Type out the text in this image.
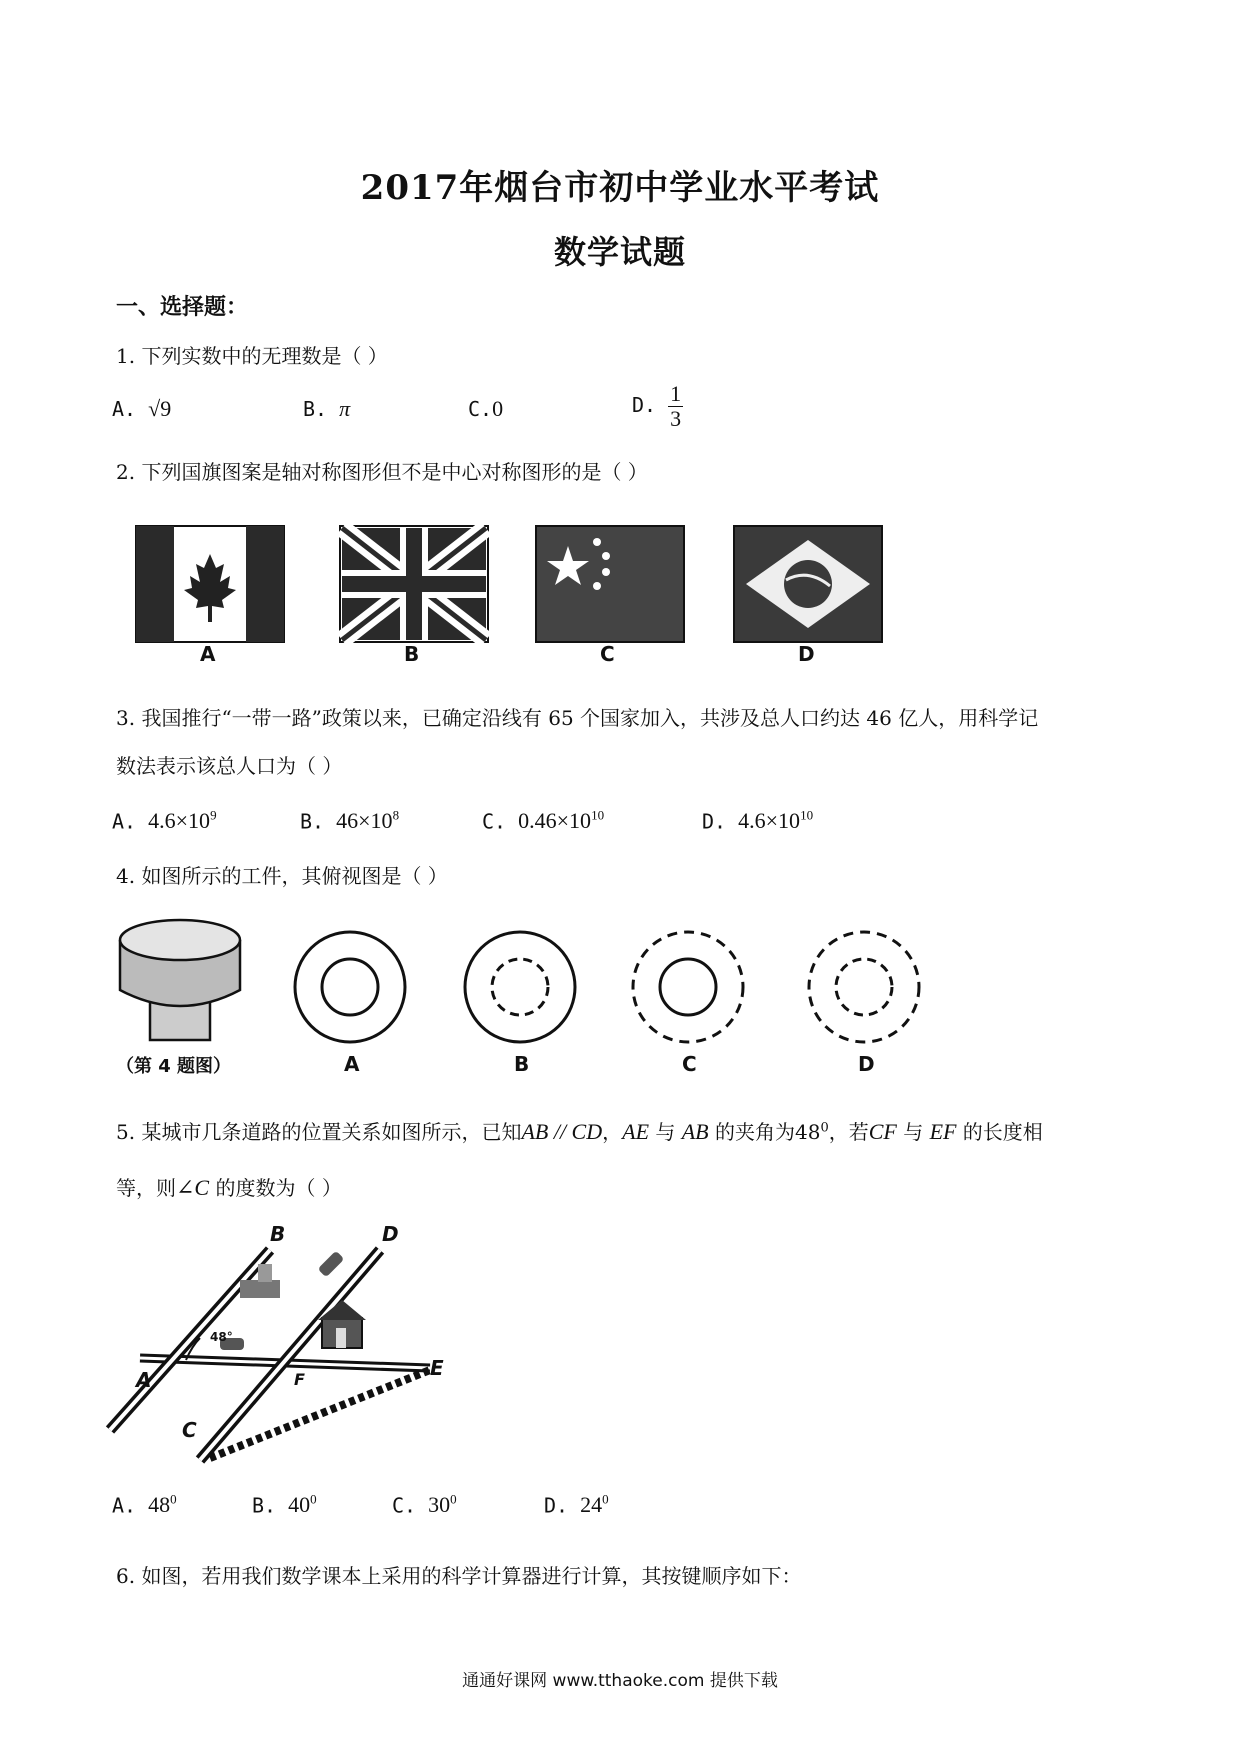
2017年烟台市初中学业水平考试
数学试题
一、选择题：
1. 下列实数中的无理数是（ ）
A. √9	B. π	C.0	D. $\frac{1}{3}$
2. 下列国旗图案是轴对称图形但不是中心对称图形的是（ ）
A	B	C	D
3. 我国推行“一带一路”政策以来，已确定沿线有 65 个国家加入，共涉及总人口约达 46 亿人，用科学记
数法表示该总人口为（ ）
A. $4.6\times 10^9$	B. $46\times 10^8$	C. $0.46\times 10^{10}$	D. $4.6\times 10^{10}$
4. 如图所示的工件，其俯视图是（ ）
（第 4 题图）	A	B	C	D
5. 某城市几条道路的位置关系如图所示，已知AB // CD，AE 与 AB 的夹角为$48^0$，若CF 与 EF 的长度相
等，则∠C 的度数为（ ）
B	D
A	F	E
C
48°
A. $48^0$	B. $40^0$	C. $30^0$	D. $24^0$
6. 如图，若用我们数学课本上采用的科学计算器进行计算，其按键顺序如下：
通通好课网 www.tthaoke.com 提供下载
